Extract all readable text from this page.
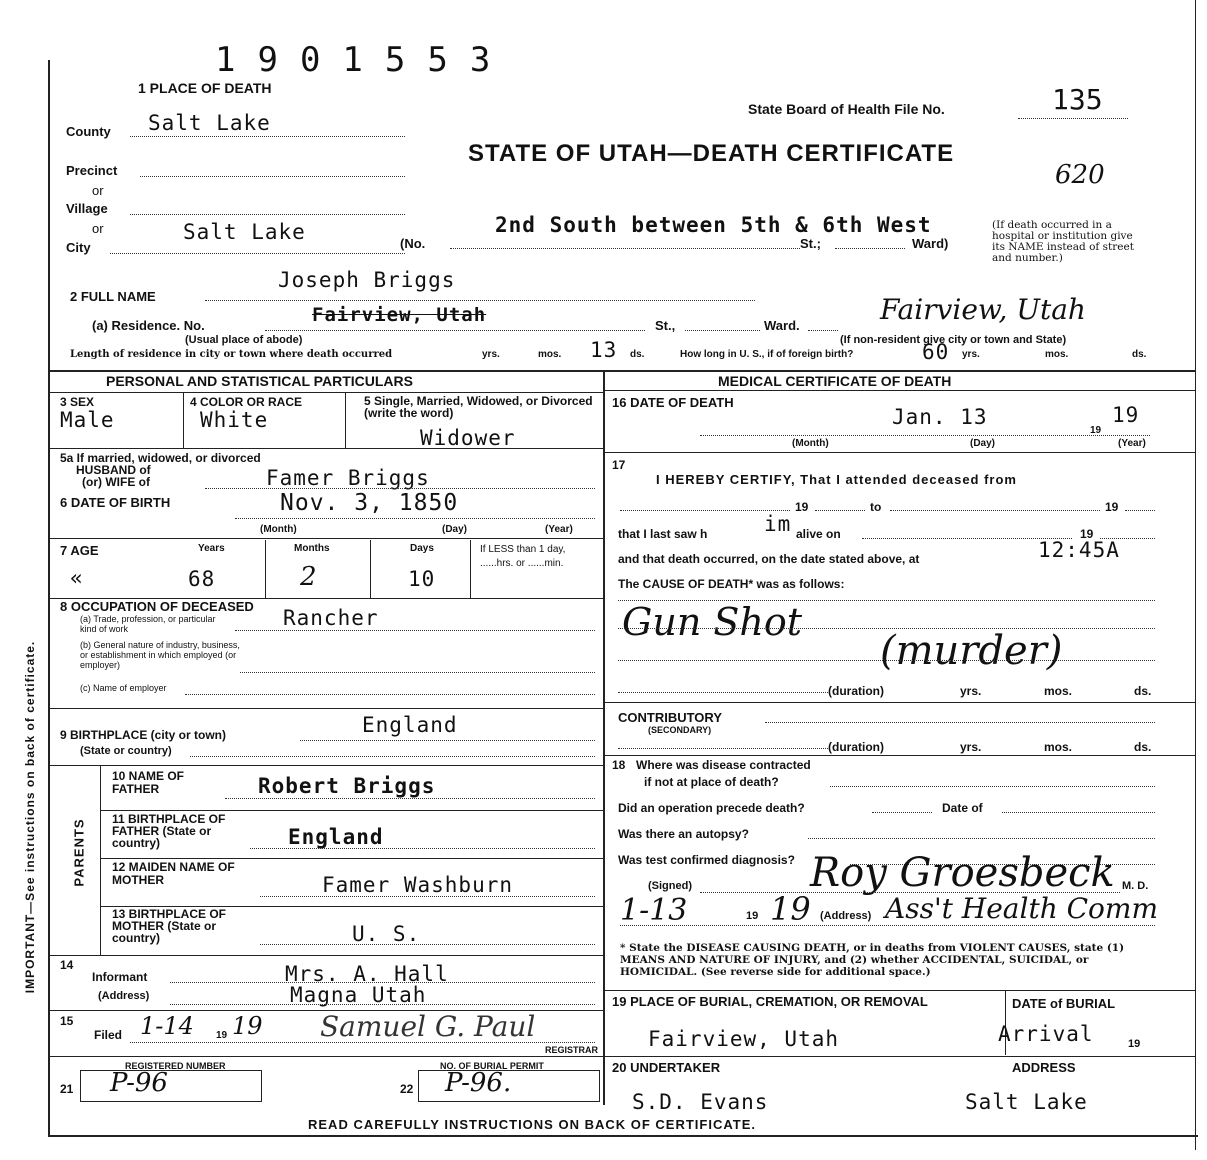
IMPORTANT—See instructions on back of certificate.
1901553
1 PLACE OF DEATH
State Board of Health File No.	135
STATE OF UTAH—DEATH CERTIFICATE
620
County Salt Lake
Precinct
or
Village
or
City
Salt Lake	(No.
2nd South between 5th & 6th West
St.;	Ward)
(If death occurred in a hospital or institution give its NAME instead of street and number.)
2 FULL NAME
Joseph Briggs
(a) Residence. No.	Fairview, Utah	St.,	Ward.	Fairview, Utah
(Usual place of abode)	(If non-resident give city or town and State)
Length of residence in city or town where death occurred	yrs.	mos. 13 ds.	How long in U. S., if of foreign birth?	60 yrs.	mos.	ds.
PERSONAL AND STATISTICAL PARTICULARS
3 SEX
Male
4 COLOR OR RACE
White
5 Single, Married, Widowed, or Divorced (write the word)
Widower
5a If married, widowed, or divorced
HUSBAND of
(or) WIFE of	Famer Briggs
6 DATE OF BIRTH	Nov. 3, 1850
(Month)	(Day)	(Year)
7 AGE	Years	Months	Days	If LESS than 1 day, ......hrs. or ......min.
«	68	2	10
8 OCCUPATION OF DECEASED
(a) Trade, profession, or particular kind of work	Rancher
(b) General nature of industry, business, or establishment in which employed (or employer)
(c) Name of employer
9 BIRTHPLACE (city or town)	England
(State or country)
PARENTS
10 NAME OF FATHER	Robert Briggs
11 BIRTHPLACE OF FATHER (State or country)	England
12 MAIDEN NAME OF MOTHER	Famer Washburn
13 BIRTHPLACE OF MOTHER (State or country)	U. S.
14
Informant	Mrs. A. Hall
(Address)	Magna Utah
15
Filed 1-14 19 19 Samuel G. Paul
REGISTRAR
REGISTERED NUMBER
21 P-96
NO. OF BURIAL PERMIT
22 P-96.
MEDICAL CERTIFICATE OF DEATH
16 DATE OF DEATH
Jan. 13
19
19
(Month)	(Day)	(Year)
17
I HEREBY CERTIFY, That I attended deceased from
19	to	19
that I last saw h	im alive on	19
and that death occurred, on the date stated above, at	12:45A
The CAUSE OF DEATH* was as follows:
Gun Shot
(murder)
(duration)	yrs.	mos.	ds.
CONTRIBUTORY
(SECONDARY)
(duration)	yrs.	mos.	ds.
18 Where was disease contracted
if not at place of death?
Did an operation precede death?	Date of
Was there an autopsy?
Was test confirmed diagnosis?
(Signed)	Roy Groesbeck M. D.
1-13	19 19 (Address) Ass't Health Comm
* State the DISEASE CAUSING DEATH, or in deaths from VIOLENT CAUSES, state (1) MEANS AND NATURE OF INJURY, and (2) whether ACCIDENTAL, SUICIDAL, or HOMICIDAL. (See reverse side for additional space.)
19 PLACE OF BURIAL, CREMATION, OR REMOVAL
Fairview, Utah
DATE of BURIAL
Arrival	19
20 UNDERTAKER
S.D. Evans
ADDRESS
Salt Lake
READ CAREFULLY INSTRUCTIONS ON BACK OF CERTIFICATE.
